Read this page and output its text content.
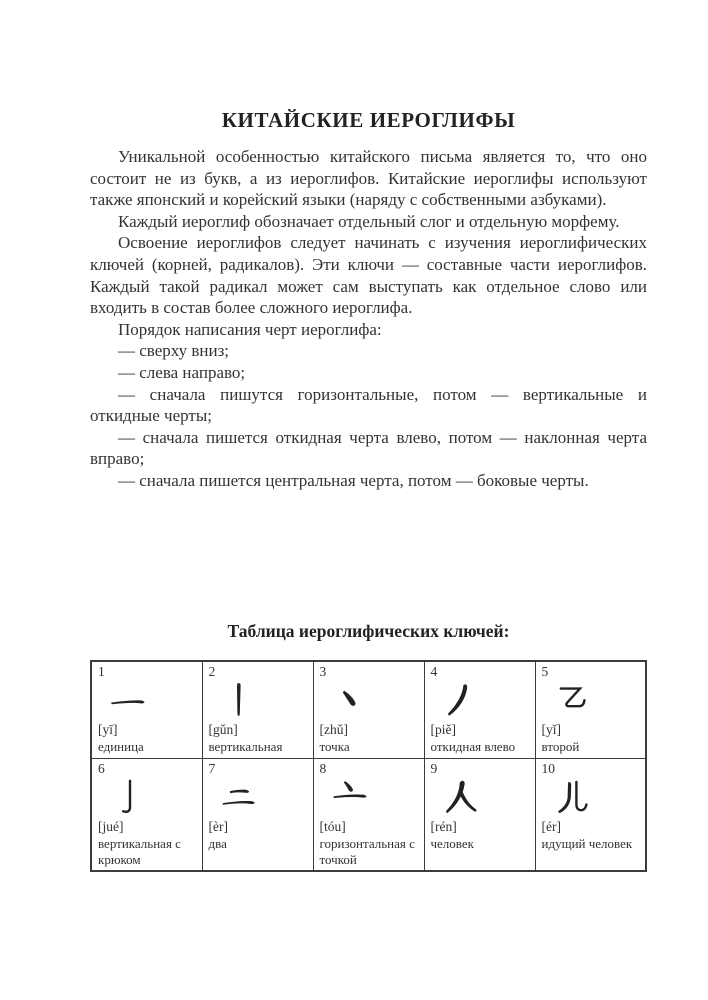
КИТАЙСКИЕ ИЕРОГЛИФЫ

Уникальной особенностью китайского письма является то, что оно состоит не из букв, а из иероглифов. Китайские иероглифы используют также японский и корейский языки (наряду с собственными азбуками).

Каждый иероглиф обозначает отдельный слог и отдельную морфему.

Освоение иероглифов следует начинать с изучения иероглифических ключей (корней, радикалов). Эти ключи — составные части иероглифов. Каждый такой радикал может сам выступать как отдельное слово или входить в состав более сложного иероглифа.

Порядок написания черт иероглифа:

— сверху вниз;

— слева направо;

— сначала пишутся горизонтальные, потом — вертикальные и откидные черты;

— сначала пишется откидная черта влево, потом — наклонная черта вправо;

— сначала пишется центральная черта, потом — боковые черты.

Таблица иероглифических ключей:
1
[yī]
единица	2
[gǔn]
вертикальная	3
[zhǔ]
точка	4
[piě]
откидная влево	5
[yǐ]
второй

6
[jué]
вертикальная с крюком	7
[èr]
два	8
[tóu]
горизонтальная с точкой	9
[rén]
человек	10
[ér]
идущий человек
